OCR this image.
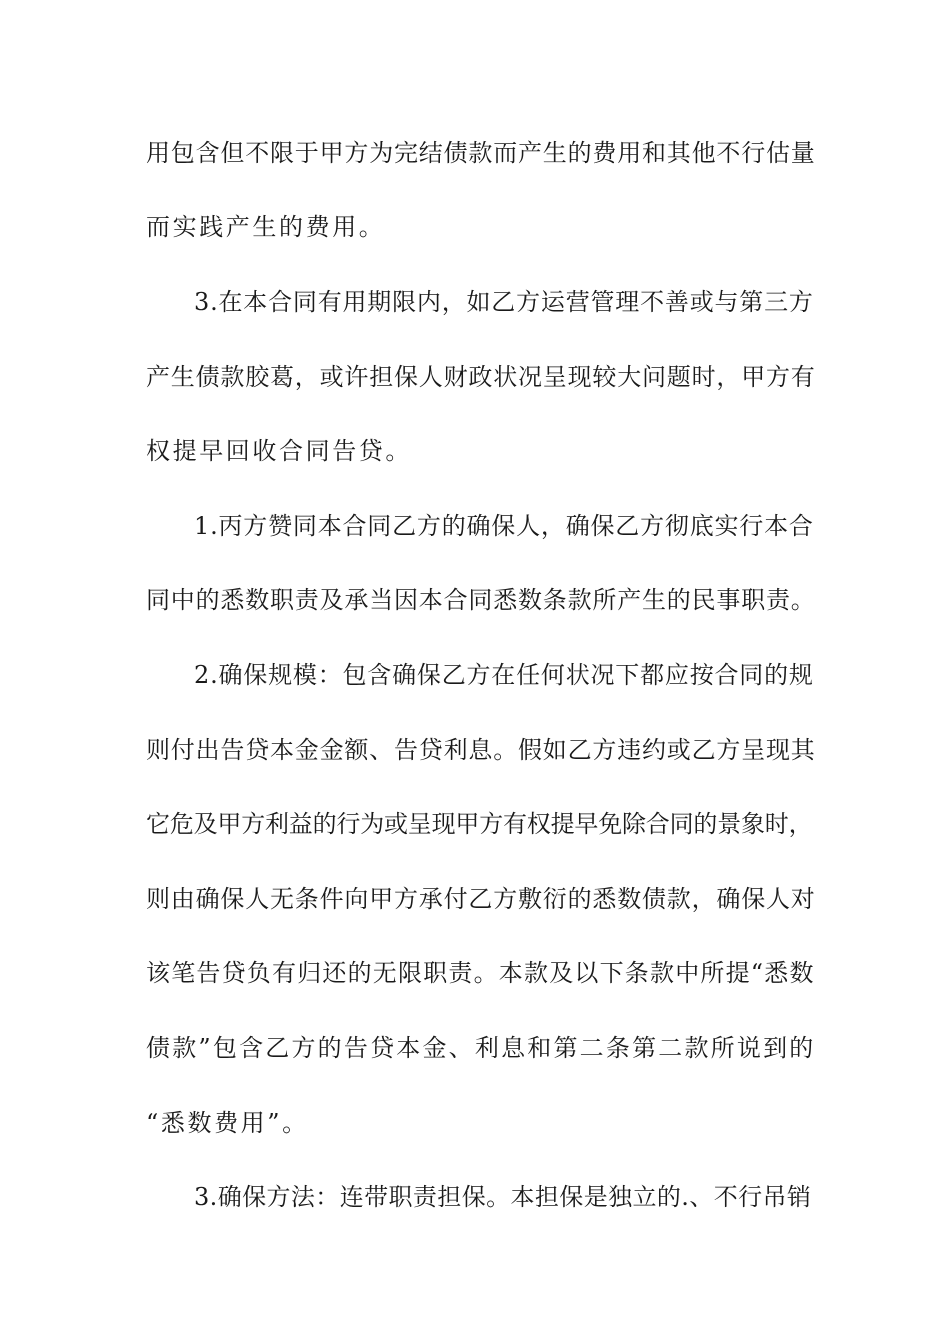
用包含但不限于甲方为完结债款而产生的费用和其他不行估量
而实践产生的费用。
3.在本合同有用期限内，如乙方运营管理不善或与第三方
产生债款胶葛，或许担保人财政状况呈现较大问题时，甲方有
权提早回收合同告贷。
1.丙方赞同本合同乙方的确保人，确保乙方彻底实行本合
同中的悉数职责及承当因本合同悉数条款所产生的民事职责。
2.确保规模：包含确保乙方在任何状况下都应按合同的规
则付出告贷本金金额、告贷利息。假如乙方违约或乙方呈现其
它危及甲方利益的行为或呈现甲方有权提早免除合同的景象时，
则由确保人无条件向甲方承付乙方敷衍的悉数债款，确保人对
该笔告贷负有归还的无限职责。本款及以下条款中所提“悉数
债款”包含乙方的告贷本金、利息和第二条第二款所说到的
“悉数费用”。
3.确保方法：连带职责担保。本担保是独立的.、不行吊销
